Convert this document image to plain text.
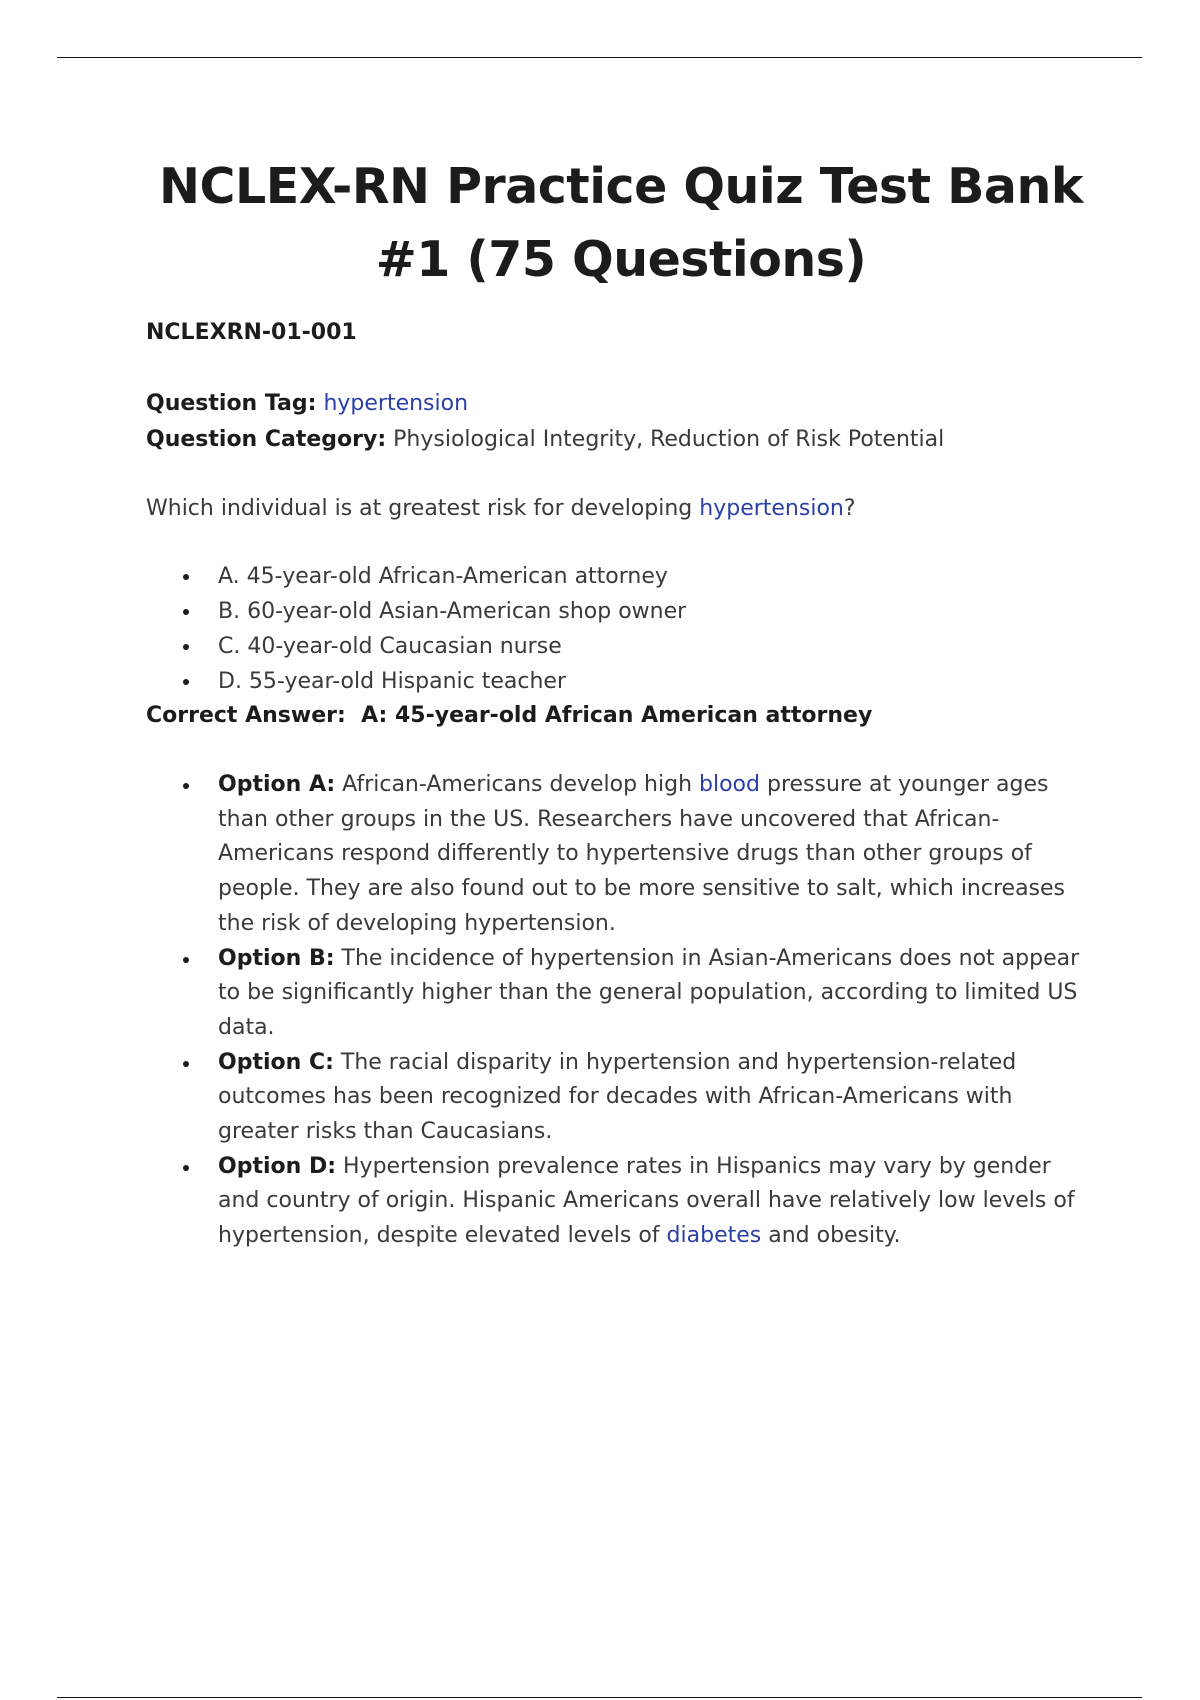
NCLEX-RN Practice Quiz Test Bank #1 (75 Questions)
NCLEXRN-01-001
Question Tag: hypertension
Question Category: Physiological Integrity, Reduction of Risk Potential
Which individual is at greatest risk for developing hypertension?
A. 45-year-old African-American attorney
B. 60-year-old Asian-American shop owner
C. 40-year-old Caucasian nurse
D. 55-year-old Hispanic teacher
Correct Answer:  A: 45-year-old African American attorney
Option A: African-Americans develop high blood pressure at younger ages than other groups in the US. Researchers have uncovered that African-Americans respond differently to hypertensive drugs than other groups of people. They are also found out to be more sensitive to salt, which increases the risk of developing hypertension.
Option B: The incidence of hypertension in Asian-Americans does not appear to be significantly higher than the general population, according to limited US data.
Option C: The racial disparity in hypertension and hypertension-related outcomes has been recognized for decades with African-Americans with greater risks than Caucasians.
Option D: Hypertension prevalence rates in Hispanics may vary by gender and country of origin. Hispanic Americans overall have relatively low levels of hypertension, despite elevated levels of diabetes and obesity.
